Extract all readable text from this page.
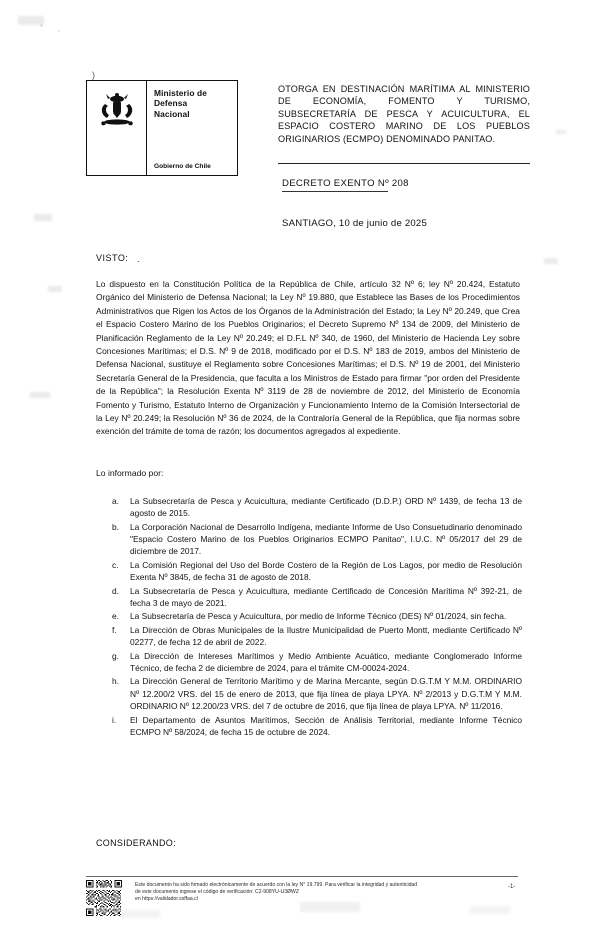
)
Ministerio de
Defensa
Nacional
Gobierno de Chile
OTORGA EN DESTINACIÓN MARÍTIMA AL MINISTERIO
DE ECONOMÍA, FOMENTO Y TURISMO,
SUBSECRETARÍA DE PESCA Y ACUICULTURA, EL
ESPACIO COSTERO MARINO DE LOS PUEBLOS
ORIGINARIOS (ECMPO) DENOMINADO PANITAO.
DECRETO EXENTO Nº 208
SANTIAGO, 10 de junio de 2025
VISTO: .
Lo dispuesto en la Constitución Política de la República de Chile, artículo 32 Nº 6; ley Nº 20.424, Estatuto Orgánico del Ministerio de Defensa Nacional; la Ley Nº 19.880, que Establece las Bases de los Procedimientos Administrativos que Rigen los Actos de los Órganos de la Administración del Estado; la Ley Nº 20.249, que Crea el Espacio Costero Marino de los Pueblos Originarios; el Decreto Supremo Nº 134 de 2009, del Ministerio de Planificación Reglamento de la Ley Nº 20.249; el D.F.L Nº 340, de 1960, del Ministerio de Hacienda Ley sobre Concesiones Marítimas; el D.S. Nº 9 de 2018, modificado por el D.S. Nº 183 de 2019, ambos del Ministerio de Defensa Nacional, sustituye el Reglamento sobre Concesiones Marítimas; el D.S. Nº 19 de 2001, del Ministerio Secretaría General de la Presidencia, que faculta a los Ministros de Estado para firmar "por orden del Presidente de la República"; la Resolución Exenta Nº 3119 de 28 de noviembre de 2012, del Ministerio de Economía Fomento y Turismo, Estatuto Interno de Organización y Funcionamiento Interno de la Comisión Intersectorial de la Ley Nº 20.249; la Resolución Nº 36 de 2024, de la Contraloría General de la República, que fija normas sobre exención del trámite de toma de razón; los documentos agregados al expediente.
Lo informado por:
a.	La Subsecretaría de Pesca y Acuicultura, mediante Certificado (D.D.P.) ORD Nº 1439, de fecha 13 de agosto de 2015.
b.	La Corporación Nacional de Desarrollo Indígena, mediante Informe de Uso Consuetudinario denominado "Espacio Costero Marino de los Pueblos Originarios ECMPO Panitao", I.U.C. Nº 05/2017 del 29 de diciembre de 2017.
c.	La Comisión Regional del Uso del Borde Costero de la Región de Los Lagos, por medio de Resolución Exenta Nº 3845, de fecha 31 de agosto de 2018.
d.	La Subsecretaría de Pesca y Acuicultura, mediante Certificado de Concesión Marítima Nº 392-21, de fecha 3 de mayo de 2021.
e.	La Subsecretaría de Pesca y Acuicultura, por medio de Informe Técnico (DES) Nº 01/2024, sin fecha.
f.	La Dirección de Obras Municipales de la Ilustre Municipalidad de Puerto Montt, mediante Certificado Nº 02277, de fecha 12 de abril de 2022.
g.	La Dirección de Intereses Marítimos y Medio Ambiente Acuático, mediante Conglomerado Informe Técnico, de fecha 2 de diciembre de 2024, para el trámite CM-00024-2024.
h.	La Dirección General de Territorio Marítimo y de Marina Mercante, según D.G.T.M Y M.M. ORDINARIO Nº 12.200/2 VRS. del 15 de enero de 2013, que fija línea de playa LPYA. Nº 2/2013 y D.G.T.M Y M.M. ORDINARIO Nº 12.200/23 VRS. del 7 de octubre de 2016, que fija línea de playa LPYA. Nº 11/2016.
i.	El Departamento de Asuntos Marítimos, Sección de Análisis Territorial, mediante Informe Técnico ECMPO Nº 58/2024, de fecha 15 de octubre de 2024.
CONSIDERANDO:
Este documento ha sido firmado electrónicamente de acuerdo con la ley N° 19.799. Para verificar la integridad y autenticidad
de este documento ingrese el código de verificación: C2-908YU-U3ØWZ
en https://validador.ssffaa.cl
-1-
